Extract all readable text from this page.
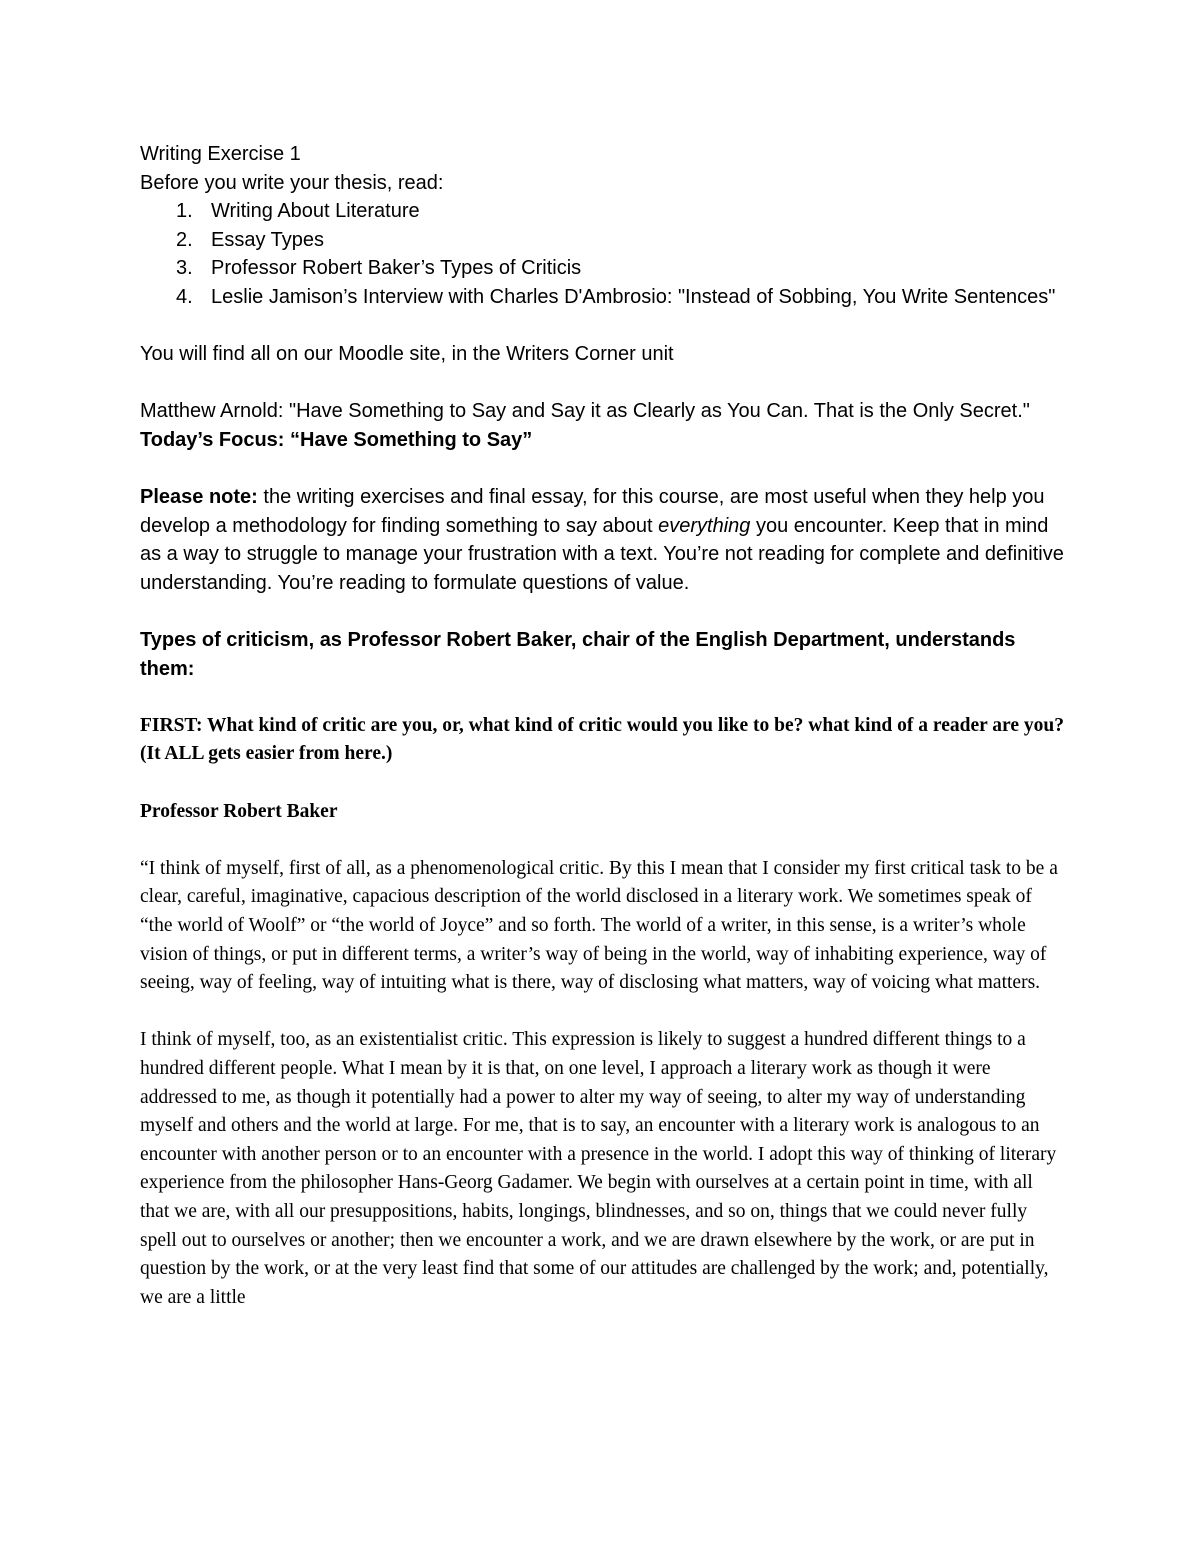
Writing Exercise 1

Before you write your thesis, read:

1. Writing About Literature
2. Essay Types
3. Professor Robert Baker’s Types of Criticis
4. Leslie Jamison’s Interview with Charles D'Ambrosio: "Instead of Sobbing, You Write Sentences"

You will find all on our Moodle site, in the Writers Corner unit

Matthew Arnold: "Have Something to Say and Say it as Clearly as You Can. That is the Only Secret."

Today’s Focus: “Have Something to Say”

Please note: the writing exercises and final essay, for this course, are most useful when they help you develop a methodology for finding something to say about everything you encounter. Keep that in mind as a way to struggle to manage your frustration with a text. You’re not reading for complete and definitive understanding. You’re reading to formulate questions of value.

Types of criticism, as Professor Robert Baker, chair of the English Department, understands them:

FIRST: What kind of critic are you, or, what kind of critic would you like to be? what kind of a reader are you? (It ALL gets easier from here.)

Professor Robert Baker

“I think of myself, first of all, as a phenomenological critic. By this I mean that I consider my first critical task to be a clear, careful, imaginative, capacious description of the world disclosed in a literary work. We sometimes speak of “the world of Woolf” or “the world of Joyce” and so forth. The world of a writer, in this sense, is a writer’s whole vision of things, or put in different terms, a writer’s way of being in the world, way of inhabiting experience, way of seeing, way of feeling, way of intuiting what is there, way of disclosing what matters, way of voicing what matters.

I think of myself, too, as an existentialist critic. This expression is likely to suggest a hundred different things to a hundred different people. What I mean by it is that, on one level, I approach a literary work as though it were addressed to me, as though it potentially had a power to alter my way of seeing, to alter my way of understanding myself and others and the world at large. For me, that is to say, an encounter with a literary work is analogous to an encounter with another person or to an encounter with a presence in the world. I adopt this way of thinking of literary experience from the philosopher Hans-Georg Gadamer. We begin with ourselves at a certain point in time, with all that we are, with all our presuppositions, habits, longings, blindnesses, and so on, things that we could never fully spell out to ourselves or another; then we encounter a work, and we are drawn elsewhere by the work, or are put in question by the work, or at the very least find that some of our attitudes are challenged by the work; and, potentially, we are a little
